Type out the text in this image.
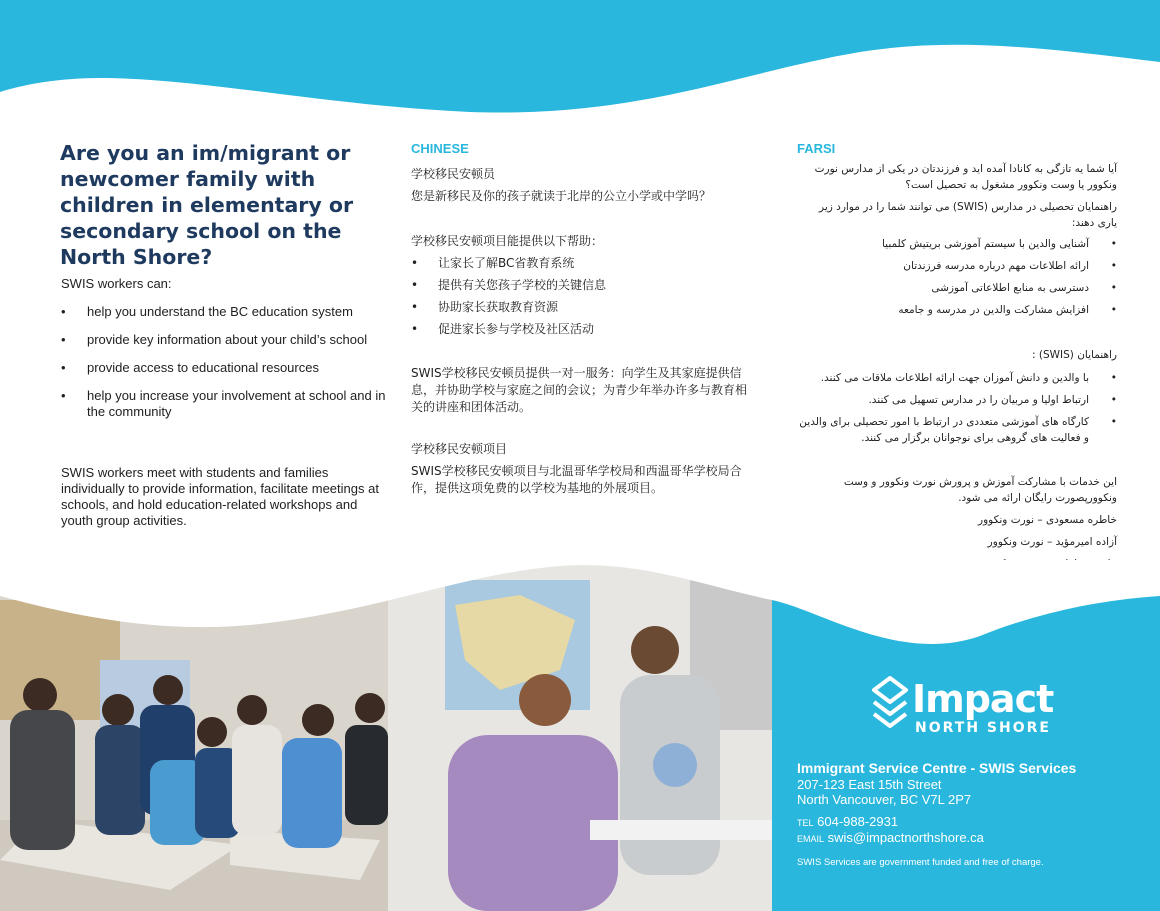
Are you an im/migrant or newcomer family with children in elementary or secondary school on the North Shore?

SWIS workers can:

• help you understand the BC education system
• provide key information about your child’s school
• provide access to educational resources
• help you increase your involvement at school and in the community

SWIS workers meet with students and families individually to provide information, facilitate meetings at schools, and hold education-related workshops and youth group activities.

CHINESE

学校移民安顿员

您是新移民及你的孩子就读于北岸的公立小学或中学吗？

学校移民安顿项目能提供以下帮助：

• 让家长了解BC省教育系统
• 提供有关您孩子学校的关键信息
• 协助家长获取教育资源
• 促进家长参与学校及社区活动

SWIS学校移民安顿员提供一对一服务：向学生及其家庭提供信息，并协助学校与家庭之间的会议；为青少年举办许多与教育相关的讲座和团体活动。

学校移民安顿项目

SWIS学校移民安顿项目与北温哥华学校局和西温哥华学校局合作，提供这项免费的以学校为基地的外展项目。

FARSI

آیا شما یه تازگی به کانادا آمده اید و فرزندتان در یکی از مدارس نورت ونکوور یا وست ونکوور مشغول به تحصیل است؟

راهنمایان تحصیلی در مدارس (SWIS) می توانند شما را در موارد زیر یاری دهند:

• آشنایی والدین با سیستم آموزشی بریتیش کلمبیا
• ارائه اطلاعات مهم درباره مدرسه فرزندتان
• دسترسی به منابع اطلاعاتی آموزشی
• افزایش مشارکت والدین در مدرسه و جامعه

راهنمایان (SWIS) :

• با والدین و دانش آموزان جهت ارائه اطلاعات ملاقات می کنند.
• ارتباط اولیا و مربیان را در مدارس تسهیل می کنند.
• کارگاه های آموزشی متعددی در ارتباط با امور تحصیلی برای والدین و فعالیت های گروهی برای نوجوانان برگزار می کنند.

این خدمات با مشارکت آموزش و پرورش نورت ونکوور و وست ونکوورپصورت رایگان ارائه می شود.

خاطره مسعودی – نورت ونکوور

آزاده امیرمؤید – نورت ونکوور

Impact
NORTH SHORE

Immigrant Service Centre - SWIS Services

207-123 East 15th Street
North Vancouver, BC V7L 2P7

TEL 604-988-2931

EMAIL swis@impactnorthshore.ca

SWIS Services are government funded and free of charge.
